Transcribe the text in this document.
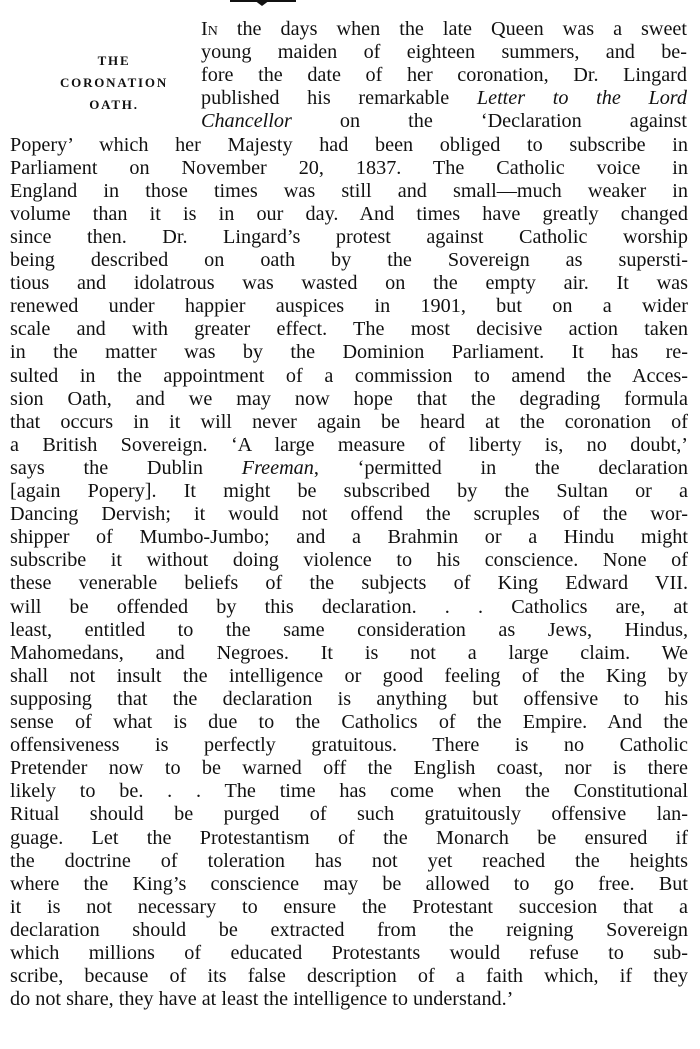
THE
CORONATION
OATH.
In the days when the late Queen was a sweet
young maiden of eighteen summers, and be-
fore the date of her coronation, Dr. Lingard
published his remarkable Letter to the Lord
Chancellor on the ‘Declaration against
Popery’ which her Majesty had been obliged to subscribe in
Parliament on November 20, 1837. The Catholic voice in
England in those times was still and small—much weaker in
volume than it is in our day. And times have greatly changed
since then. Dr. Lingard’s protest against Catholic worship
being described on oath by the Sovereign as supersti-
tious and idolatrous was wasted on the empty air. It was
renewed under happier auspices in 1901, but on a wider
scale and with greater effect. The most decisive action taken
in the matter was by the Dominion Parliament. It has re-
sulted in the appointment of a commission to amend the Acces-
sion Oath, and we may now hope that the degrading formula
that occurs in it will never again be heard at the coronation of
a British Sovereign. ‘A large measure of liberty is, no doubt,’
says the Dublin Freeman, ‘permitted in the declaration
[again Popery]. It might be subscribed by the Sultan or a
Dancing Dervish; it would not offend the scruples of the wor-
shipper of Mumbo-Jumbo; and a Brahmin or a Hindu might
subscribe it without doing violence to his conscience. None of
these venerable beliefs of the subjects of King Edward VII.
will be offended by this declaration. . . Catholics are, at
least, entitled to the same consideration as Jews, Hindus,
Mahomedans, and Negroes. It is not a large claim. We
shall not insult the intelligence or good feeling of the King by
supposing that the declaration is anything but offensive to his
sense of what is due to the Catholics of the Empire. And the
offensiveness is perfectly gratuitous. There is no Catholic
Pretender now to be warned off the English coast, nor is there
likely to be. . . The time has come when the Constitutional
Ritual should be purged of such gratuitously offensive lan-
guage. Let the Protestantism of the Monarch be ensured if
the doctrine of toleration has not yet reached the heights
where the King’s conscience may be allowed to go free. But
it is not necessary to ensure the Protestant succesion that a
declaration should be extracted from the reigning Sovereign
which millions of educated Protestants would refuse to sub-
scribe, because of its false description of a faith which, if they
do not share, they have at least the intelligence to understand.’
